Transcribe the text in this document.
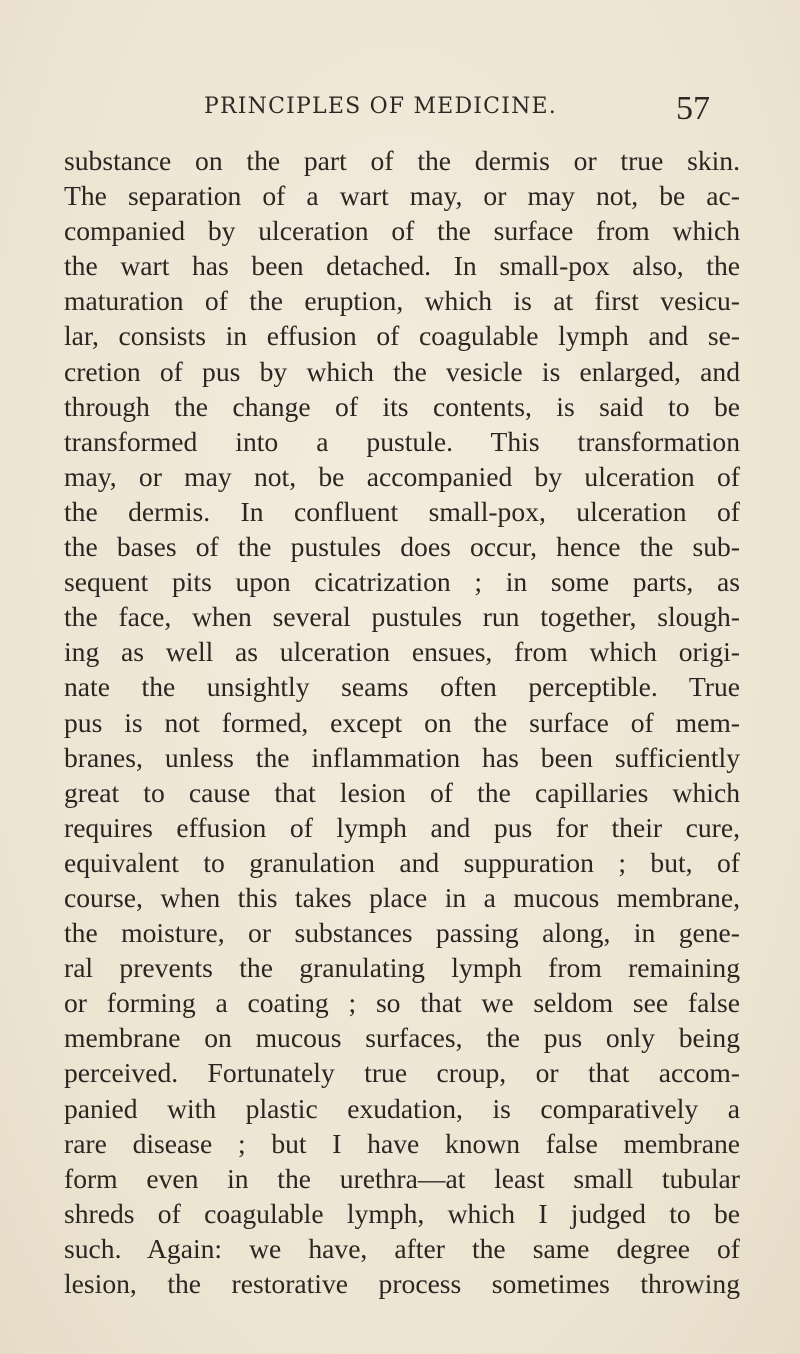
PRINCIPLES OF MEDICINE.	57
substance on the part of the dermis or true skin.
The separation of a wart may, or may not, be ac-
companied by ulceration of the surface from which
the wart has been detached. In small-pox also, the
maturation of the eruption, which is at first vesicu-
lar, consists in effusion of coagulable lymph and se-
cretion of pus by which the vesicle is enlarged, and
through the change of its contents, is said to be
transformed into a pustule. This transformation
may, or may not, be accompanied by ulceration of
the dermis. In confluent small-pox, ulceration of
the bases of the pustules does occur, hence the sub-
sequent pits upon cicatrization ; in some parts, as
the face, when several pustules run together, slough-
ing as well as ulceration ensues, from which origi-
nate the unsightly seams often perceptible. True
pus is not formed, except on the surface of mem-
branes, unless the inflammation has been sufficiently
great to cause that lesion of the capillaries which
requires effusion of lymph and pus for their cure,
equivalent to granulation and suppuration ; but, of
course, when this takes place in a mucous membrane,
the moisture, or substances passing along, in gene-
ral prevents the granulating lymph from remaining
or forming a coating ; so that we seldom see false
membrane on mucous surfaces, the pus only being
perceived. Fortunately true croup, or that accom-
panied with plastic exudation, is comparatively a
rare disease ; but I have known false membrane
form even in the urethra—at least small tubular
shreds of coagulable lymph, which I judged to be
such. Again: we have, after the same degree of
lesion, the restorative process sometimes throwing
